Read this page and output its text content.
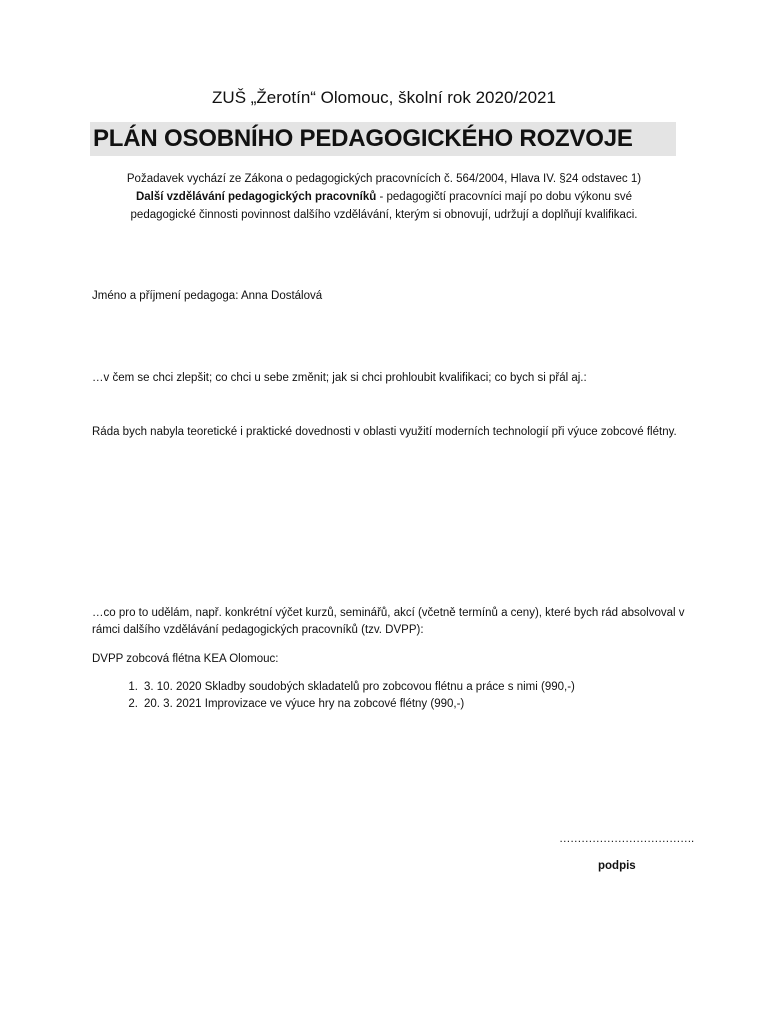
ZUŠ „Žerotín“ Olomouc, školní rok 2020/2021
PLÁN OSOBNÍHO PEDAGOGICKÉHO ROZVOJE
Požadavek vychází ze Zákona o pedagogických pracovnících č. 564/2004, Hlava IV. §24 odstavec 1)
Další vzdělávání pedagogických pracovníků - pedagogičtí pracovníci mají po dobu výkonu své
pedagogické činnosti povinnost dalšího vzdělávání, kterým si obnovují, udržují a doplňují kvalifikaci.
Jméno a příjmení pedagoga: Anna Dostálová
…v čem se chci zlepšit; co chci u sebe změnit; jak si chci prohloubit kvalifikaci; co bych si přál aj.:
Ráda bych nabyla teoretické i praktické dovednosti v oblasti využití moderních technologií při výuce zobcové flétny.
…co pro to udělám, např. konkrétní výčet kurzů, seminářů, akcí (včetně termínů a ceny), které bych rád absolvoval v rámci dalšího vzdělávání pedagogických pracovníků (tzv. DVPP):
DVPP zobcová flétna KEA Olomouc:
1. 3. 10. 2020 Skladby soudobých skladatelů pro zobcovou flétnu a práce s nimi (990,-)
2. 20. 3. 2021 Improvizace ve výuce hry na zobcové flétny (990,-)
……………………………….
podpis
